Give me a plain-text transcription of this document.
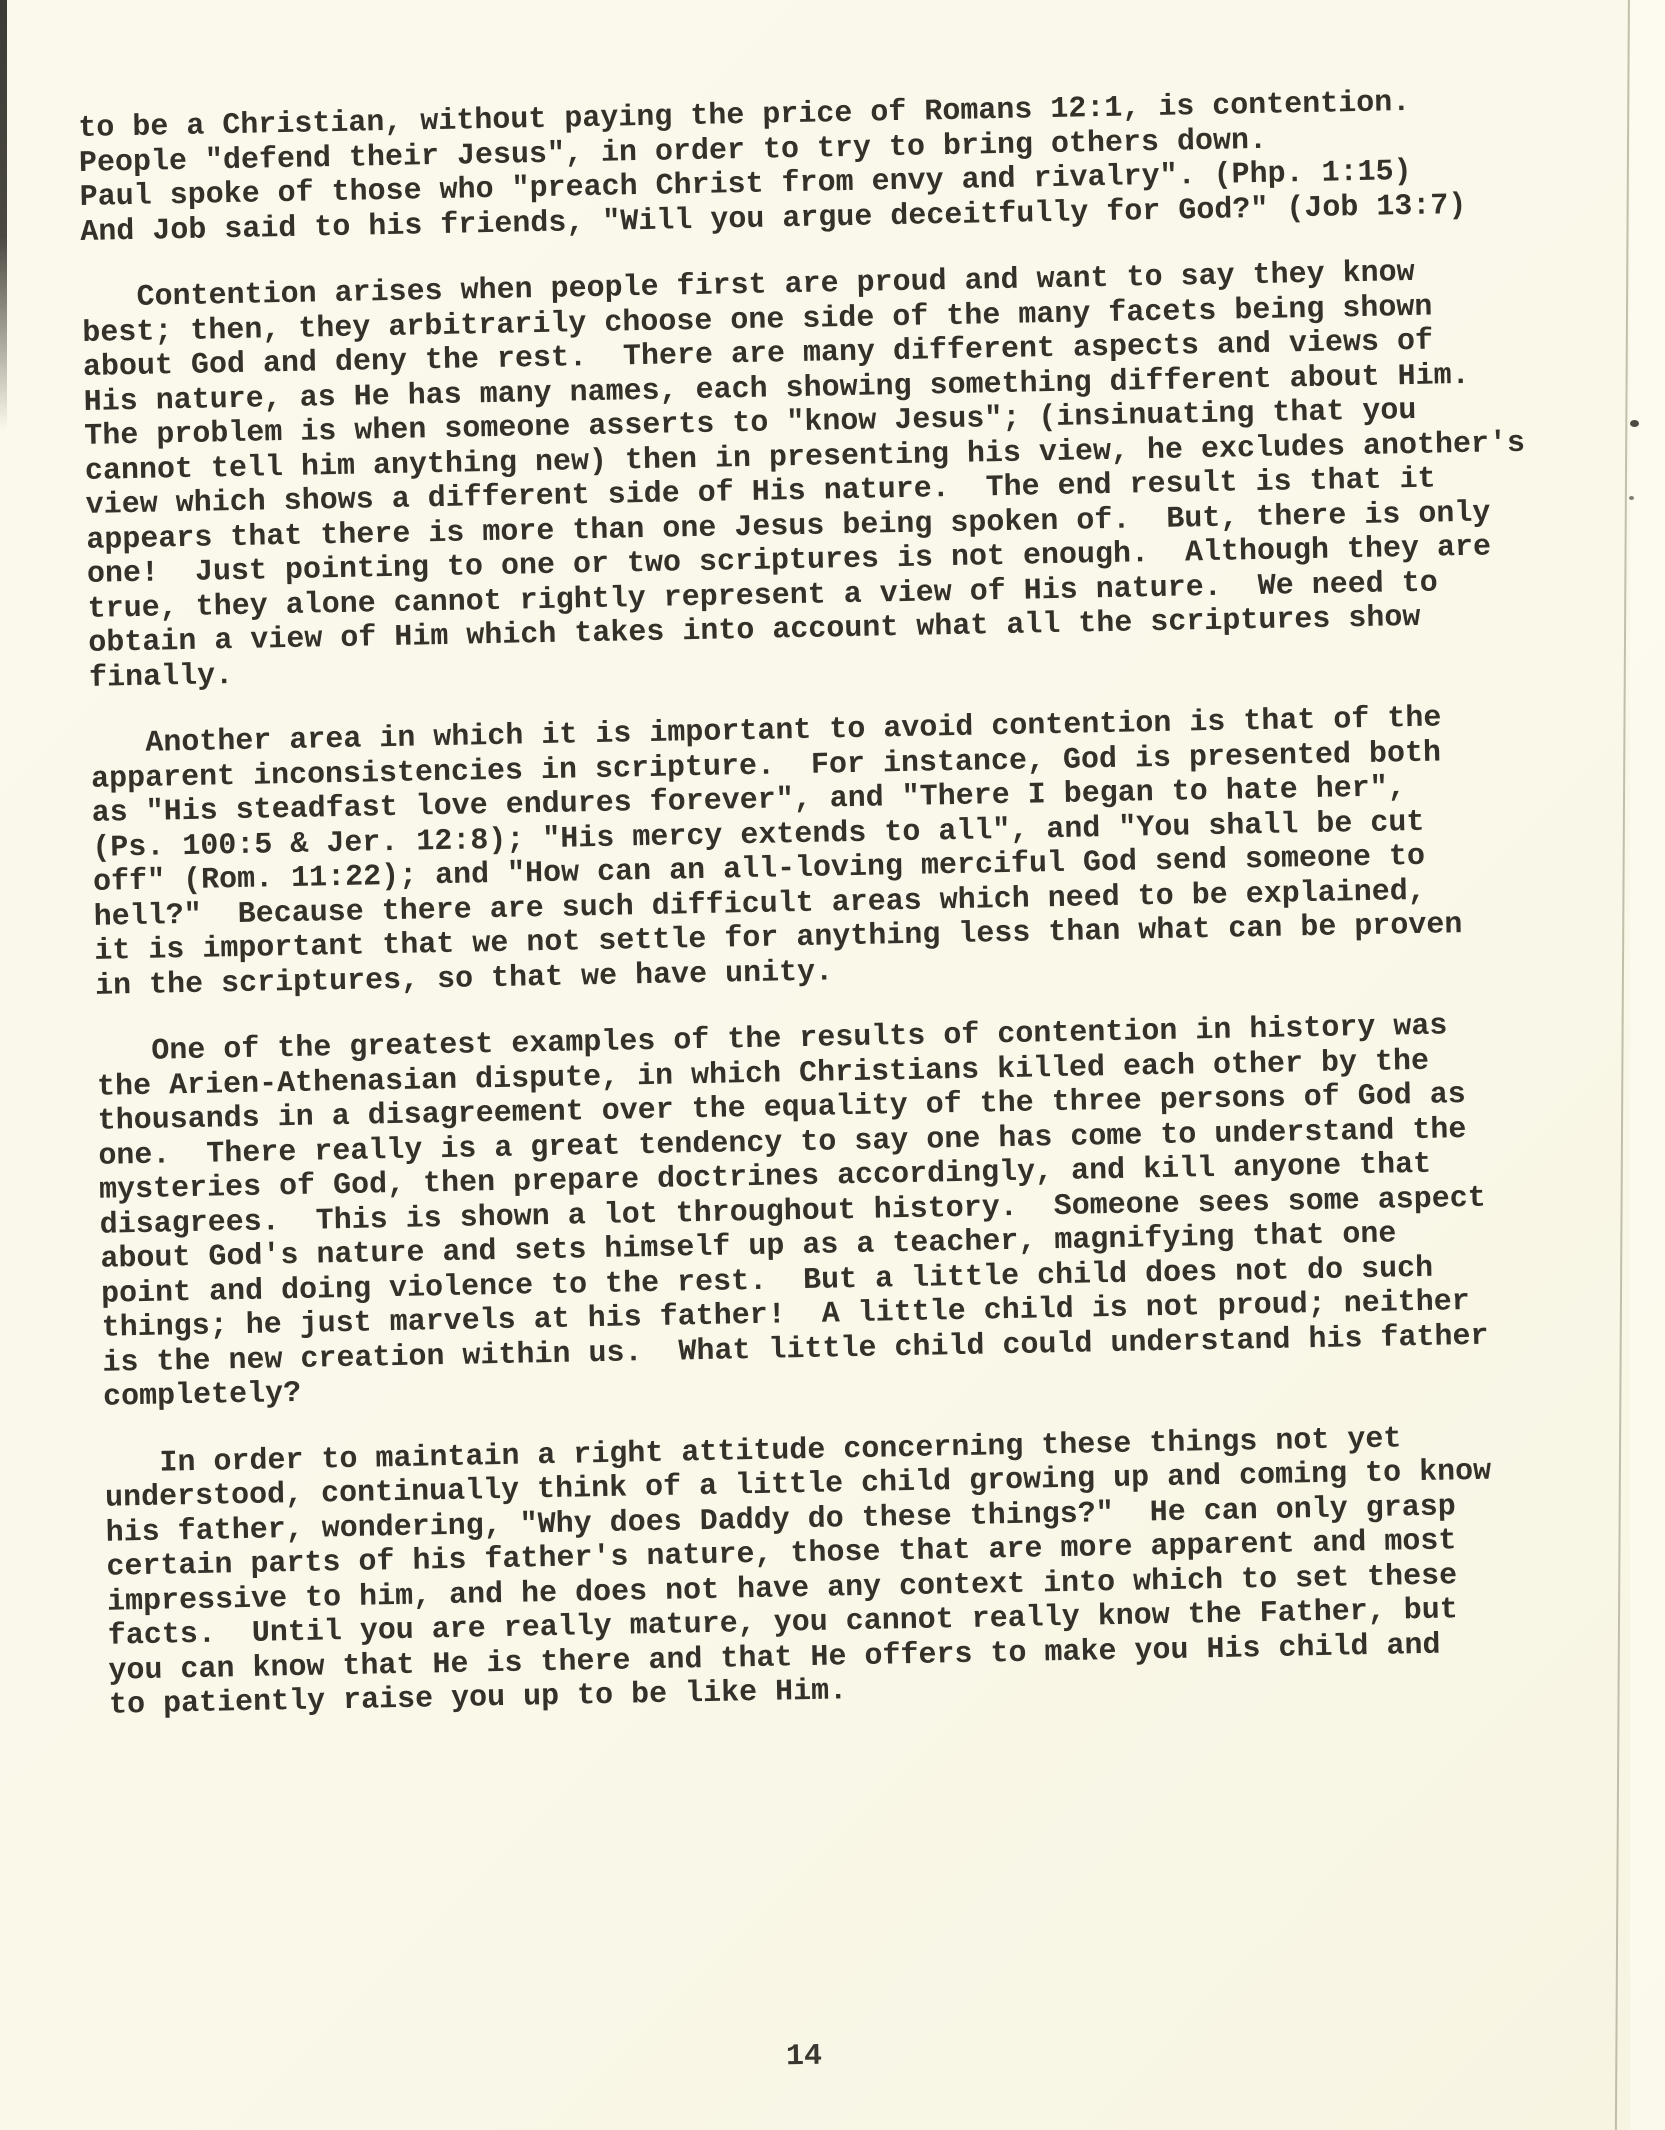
to be a Christian, without paying the price of Romans 12:1, is contention.
People "defend their Jesus", in order to try to bring others down.
Paul spoke of those who "preach Christ from envy and rivalry". (Php. 1:15)
And Job said to his friends, "Will you argue deceitfully for God?" (Job 13:7)

Contention arises when people first are proud and want to say they know
best; then, they arbitrarily choose one side of the many facets being shown
about God and deny the rest.  There are many different aspects and views of
His nature, as He has many names, each showing something different about Him.
The problem is when someone asserts to "know Jesus"; (insinuating that you
cannot tell him anything new) then in presenting his view, he excludes another's
view which shows a different side of His nature.  The end result is that it
appears that there is more than one Jesus being spoken of.  But, there is only
one!  Just pointing to one or two scriptures is not enough.  Although they are
true, they alone cannot rightly represent a view of His nature.  We need to
obtain a view of Him which takes into account what all the scriptures show
finally.

Another area in which it is important to avoid contention is that of the
apparent inconsistencies in scripture.  For instance, God is presented both
as "His steadfast love endures forever", and "There I began to hate her",
(Ps. 100:5 & Jer. 12:8); "His mercy extends to all", and "You shall be cut
off" (Rom. 11:22); and "How can an all-loving merciful God send someone to
hell?"  Because there are such difficult areas which need to be explained,
it is important that we not settle for anything less than what can be proven
in the scriptures, so that we have unity.

One of the greatest examples of the results of contention in history was
the Arien-Athenasian dispute, in which Christians killed each other by the
thousands in a disagreement over the equality of the three persons of God as
one.  There really is a great tendency to say one has come to understand the
mysteries of God, then prepare doctrines accordingly, and kill anyone that
disagrees.  This is shown a lot throughout history.  Someone sees some aspect
about God's nature and sets himself up as a teacher, magnifying that one
point and doing violence to the rest.  But a little child does not do such
things; he just marvels at his father!  A little child is not proud; neither
is the new creation within us.  What little child could understand his father
completely?

In order to maintain a right attitude concerning these things not yet
understood, continually think of a little child growing up and coming to know
his father, wondering, "Why does Daddy do these things?"  He can only grasp
certain parts of his father's nature, those that are more apparent and most
impressive to him, and he does not have any context into which to set these
facts.  Until you are really mature, you cannot really know the Father, but
you can know that He is there and that He offers to make you His child and
to patiently raise you up to be like Him.

14
